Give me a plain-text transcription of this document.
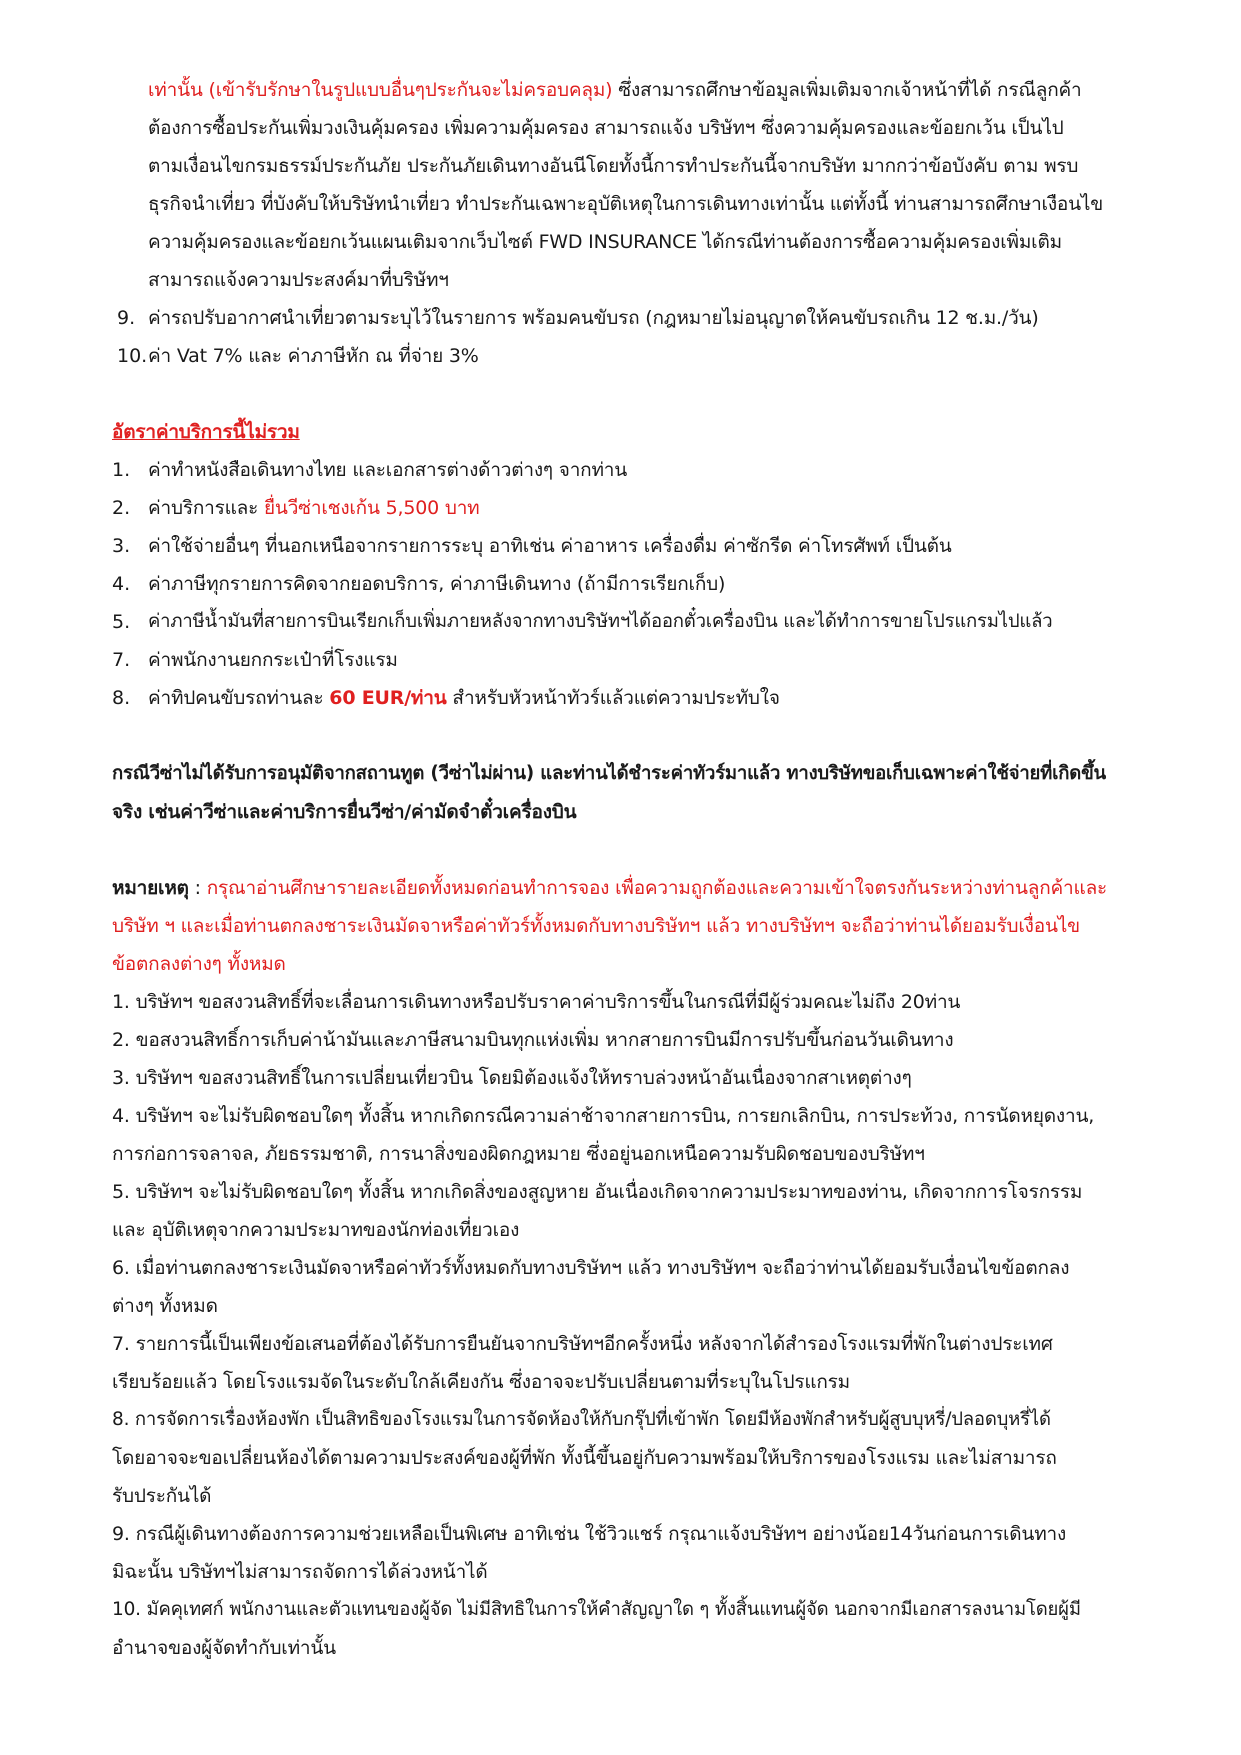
เท่านั้น (เข้ารับรักษาในรูปแบบอื่นๆประกันจะไม่ครอบคลุม) ซึ่งสามารถศึกษาข้อมูลเพิ่มเติมจากเจ้าหน้าที่ได้ กรณีลูกค้า
ต้องการซื้อประกันเพิ่มวงเงินคุ้มครอง เพิ่มความคุ้มครอง สามารถแจ้ง บริษัทฯ ซึ่งความคุ้มครองและข้อยกเว้น เป็นไป
ตามเงื่อนไขกรมธรรม์ประกันภัย ประกันภัยเดินทางอันนีโดยทั้งนี้การทำประกันนี้จากบริษัท มากกว่าข้อบังคับ ตาม พรบ
ธุรกิจนำเที่ยว ที่บังคับให้บริษัทนำเที่ยว ทำประกันเฉพาะอุบัติเหตุในการเดินทางเท่านั้น แต่ทั้งนี้ ท่านสามารถศึกษาเงือนไข
ความคุ้มครองและข้อยกเว้นแผนเติมจากเว็บไซต์ FWD INSURANCE ได้กรณีท่านต้องการซื้อความคุ้มครองเพิ่มเติม
สามารถแจ้งความประสงค์มาที่บริษัทฯ
9. ค่ารถปรับอากาศนำเที่ยวตามระบุไว้ในรายการ พร้อมคนขับรถ (กฎหมายไม่อนุญาตให้คนขับรถเกิน 12 ช.ม./วัน)
10. ค่า Vat 7% และ ค่าภาษีหัก ณ ที่จ่าย 3%
อัตราค่าบริการนี้ไม่รวม
1. ค่าทำหนังสือเดินทางไทย และเอกสารต่างด้าวต่างๆ จากท่าน
2. ค่าบริการและ ยื่นวีซ่าเชงเก้น 5,500 บาท
3. ค่าใช้จ่ายอื่นๆ ที่นอกเหนือจากรายการระบุ อาทิเช่น ค่าอาหาร เครื่องดื่ม ค่าซักรีด ค่าโทรศัพท์ เป็นต้น
4. ค่าภาษีทุกรายการคิดจากยอดบริการ, ค่าภาษีเดินทาง (ถ้ามีการเรียกเก็บ)
5. ค่าภาษีน้ำมันที่สายการบินเรียกเก็บเพิ่มภายหลังจากทางบริษัทฯได้ออกตั๋วเครื่องบิน และได้ทำการขายโปรแกรมไปแล้ว
7. ค่าพนักงานยกกระเป๋าที่โรงแรม
8. ค่าทิปคนขับรถท่านละ 60 EUR/ท่าน สำหรับหัวหน้าทัวร์แล้วแต่ความประทับใจ
กรณีวีซ่าไม่ได้รับการอนุมัติจากสถานทูต (วีซ่าไม่ผ่าน) และท่านได้ชำระค่าทัวร์มาแล้ว ทางบริษัทขอเก็บเฉพาะค่าใช้จ่ายที่เกิดขึ้น
จริง เช่นค่าวีซ่าและค่าบริการยื่นวีซ่า/ค่ามัดจำตั๋วเครื่องบิน
หมายเหตุ : กรุณาอ่านศึกษารายละเอียดทั้งหมดก่อนทำการจอง เพื่อความถูกต้องและความเข้าใจตรงกันระหว่างท่านลูกค้าและ
บริษัท ฯ และเมื่อท่านตกลงชาระเงินมัดจาหรือค่าทัวร์ทั้งหมดกับทางบริษัทฯ แล้ว ทางบริษัทฯ จะถือว่าท่านได้ยอมรับเงื่อนไข
ข้อตกลงต่างๆ ทั้งหมด
1. บริษัทฯ ขอสงวนสิทธิ์ที่จะเลื่อนการเดินทางหรือปรับราคาค่าบริการขึ้นในกรณีที่มีผู้ร่วมคณะไม่ถึง 20ท่าน
2. ขอสงวนสิทธิ์การเก็บค่าน้ามันและภาษีสนามบินทุกแห่งเพิ่ม หากสายการบินมีการปรับขึ้นก่อนวันเดินทาง
3. บริษัทฯ ขอสงวนสิทธิ์ในการเปลี่ยนเที่ยวบิน โดยมิต้องแจ้งให้ทราบล่วงหน้าอันเนื่องจากสาเหตุต่างๆ
4. บริษัทฯ จะไม่รับผิดชอบใดๆ ทั้งสิ้น หากเกิดกรณีความล่าช้าจากสายการบิน, การยกเลิกบิน, การประท้วง, การนัดหยุดงาน,
การก่อการจลาจล, ภัยธรรมชาติ, การนาสิ่งของผิดกฎหมาย ซึ่งอยู่นอกเหนือความรับผิดชอบของบริษัทฯ
5. บริษัทฯ จะไม่รับผิดชอบใดๆ ทั้งสิ้น หากเกิดสิ่งของสูญหาย อันเนื่องเกิดจากความประมาทของท่าน, เกิดจากการโจรกรรม
และ อุบัติเหตุจากความประมาทของนักท่องเที่ยวเอง
6. เมื่อท่านตกลงชาระเงินมัดจาหรือค่าทัวร์ทั้งหมดกับทางบริษัทฯ แล้ว ทางบริษัทฯ จะถือว่าท่านได้ยอมรับเงื่อนไขข้อตกลง
ต่างๆ ทั้งหมด
7. รายการนี้เป็นเพียงข้อเสนอที่ต้องได้รับการยืนยันจากบริษัทฯอีกครั้งหนึ่ง หลังจากได้สำรองโรงแรมที่พักในต่างประเทศ
เรียบร้อยแล้ว โดยโรงแรมจัดในระดับใกล้เคียงกัน ซึ่งอาจจะปรับเปลี่ยนตามที่ระบุในโปรแกรม
8. การจัดการเรื่องห้องพัก เป็นสิทธิของโรงแรมในการจัดห้องให้กับกรุ๊ปที่เข้าพัก โดยมีห้องพักสำหรับผู้สูบบุหรี่/ปลอดบุหรี่ได้
โดยอาจจะขอเปลี่ยนห้องได้ตามความประสงค์ของผู้ที่พัก ทั้งนี้ขึ้นอยู่กับความพร้อมให้บริการของโรงแรม และไม่สามารถ
รับประกันได้
9. กรณีผู้เดินทางต้องการความช่วยเหลือเป็นพิเศษ อาทิเช่น ใช้วิวแชร์ กรุณาแจ้งบริษัทฯ อย่างน้อย14วันก่อนการเดินทาง
มิฉะนั้น บริษัทฯไม่สามารถจัดการได้ล่วงหน้าได้
10. มัคคุเทศก์ พนักงานและตัวแทนของผู้จัด ไม่มีสิทธิในการให้คำสัญญาใด ๆ ทั้งสิ้นแทนผู้จัด นอกจากมีเอกสารลงนามโดยผู้มี
อำนาจของผู้จัดทำกับเท่านั้น
